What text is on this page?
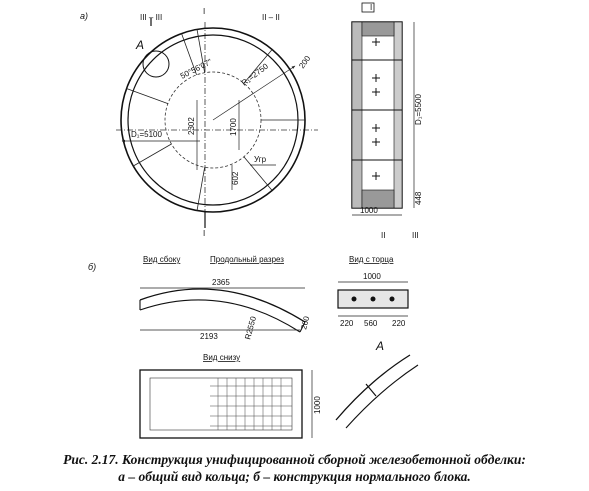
а)	III – III	II – II
I
А
50°56'07"	R₁=2750	200
D₁=5100	2302	1700
602
Угр
I
D₁=5500
448
1000
II	III
I
б)
Вид сбоку	Продольный разрез	Вид с торца
Вид снизу
2365
2193	R2550	200
1000
220 560 220
1000
А
Рис. 2.17. Конструкция унифицированной сборной железобетонной обделки:
а – общий вид кольца; б – конструкция нормального блока.
